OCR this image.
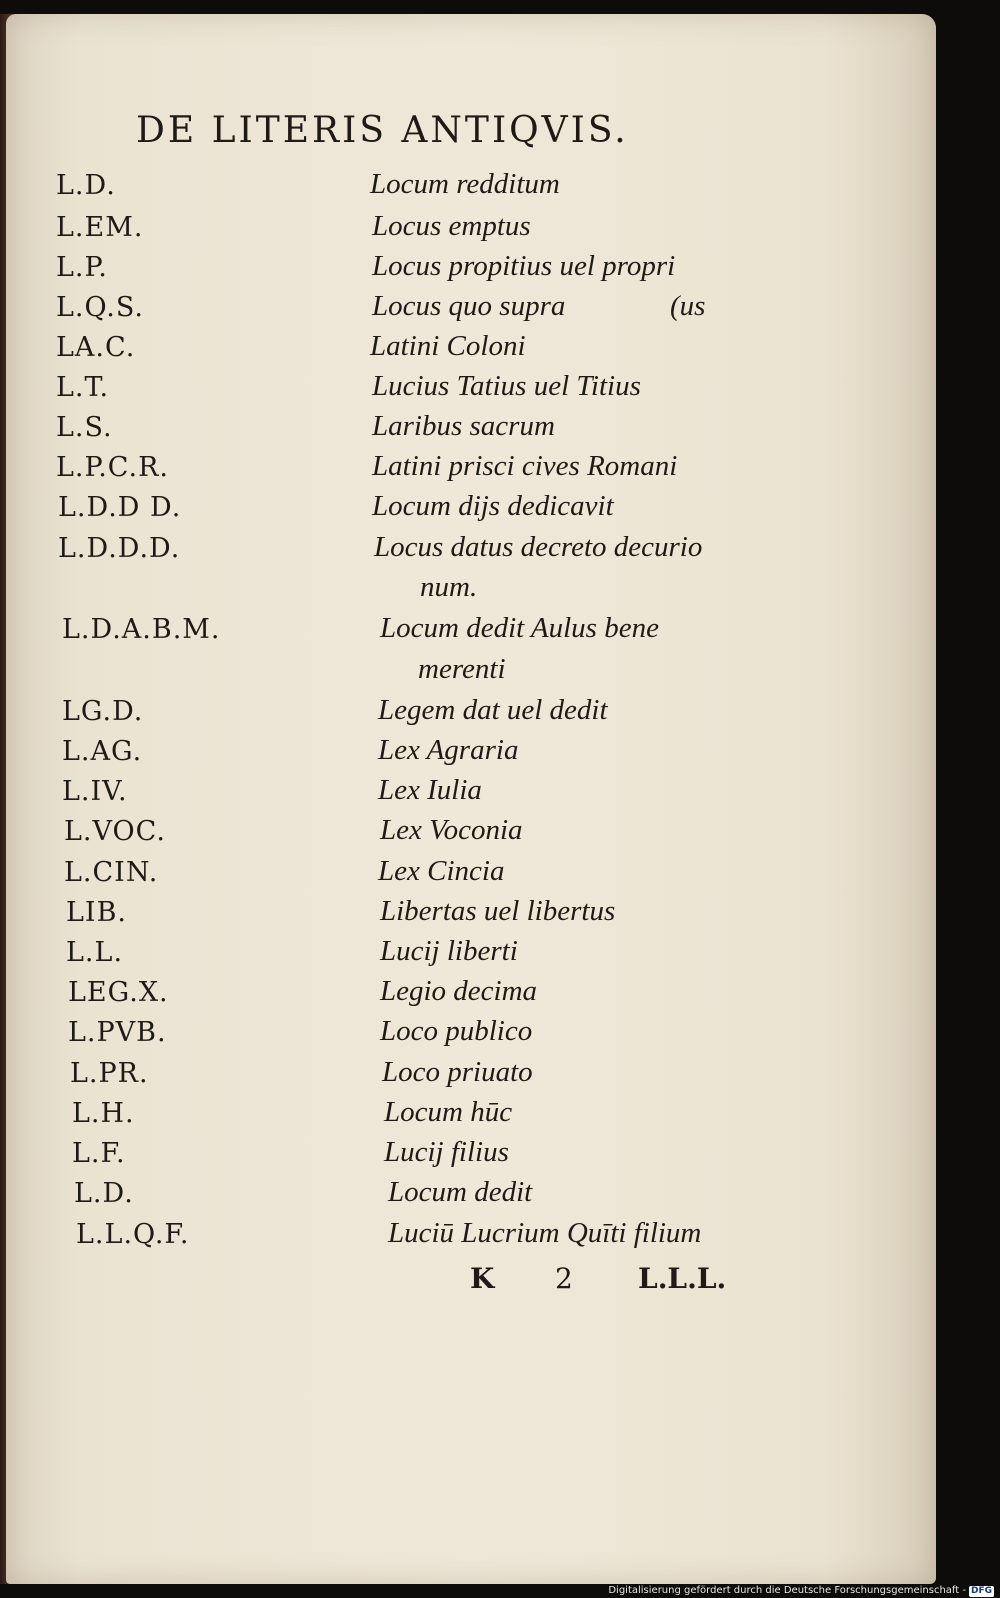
DE LITERIS ANTIQVIS.
L.D.	Locum redditum
L.EM.	Locus emptus
L.P.	Locus propitius uel propri
L.Q.S.	Locus quo supra	(us
LA.C.	Latini Coloni
L.T.	Lucius Tatius uel Titius
L.S.	Laribus sacrum
L.P.C.R.	Latini prisci cives Romani
L.D.D D.	Locum dijs dedicavit
L.D.D.D.	Locus datus decreto decurio
num.
L.D.A.B.M.	Locum dedit Aulus bene
merenti
LG.D.	Legem dat uel dedit
L.AG.	Lex Agraria
L.IV.	Lex Iulia
L.VOC.	Lex Voconia
L.CIN.	Lex Cincia
LIB.	Libertas uel libertus
L.L.	Lucij liberti
LEG.X.	Legio decima
L.PVB.	Loco publico
L.PR.	Loco priuato
L.H.	Locum hūc
L.F.	Lucij filius
L.D.	Locum dedit
L.L.Q.F.	Luciū Lucrium Quīti filium
K 2 L.L.L.
Digitalisierung gefördert durch die Deutsche Forschungsgemeinschaft - DFG
